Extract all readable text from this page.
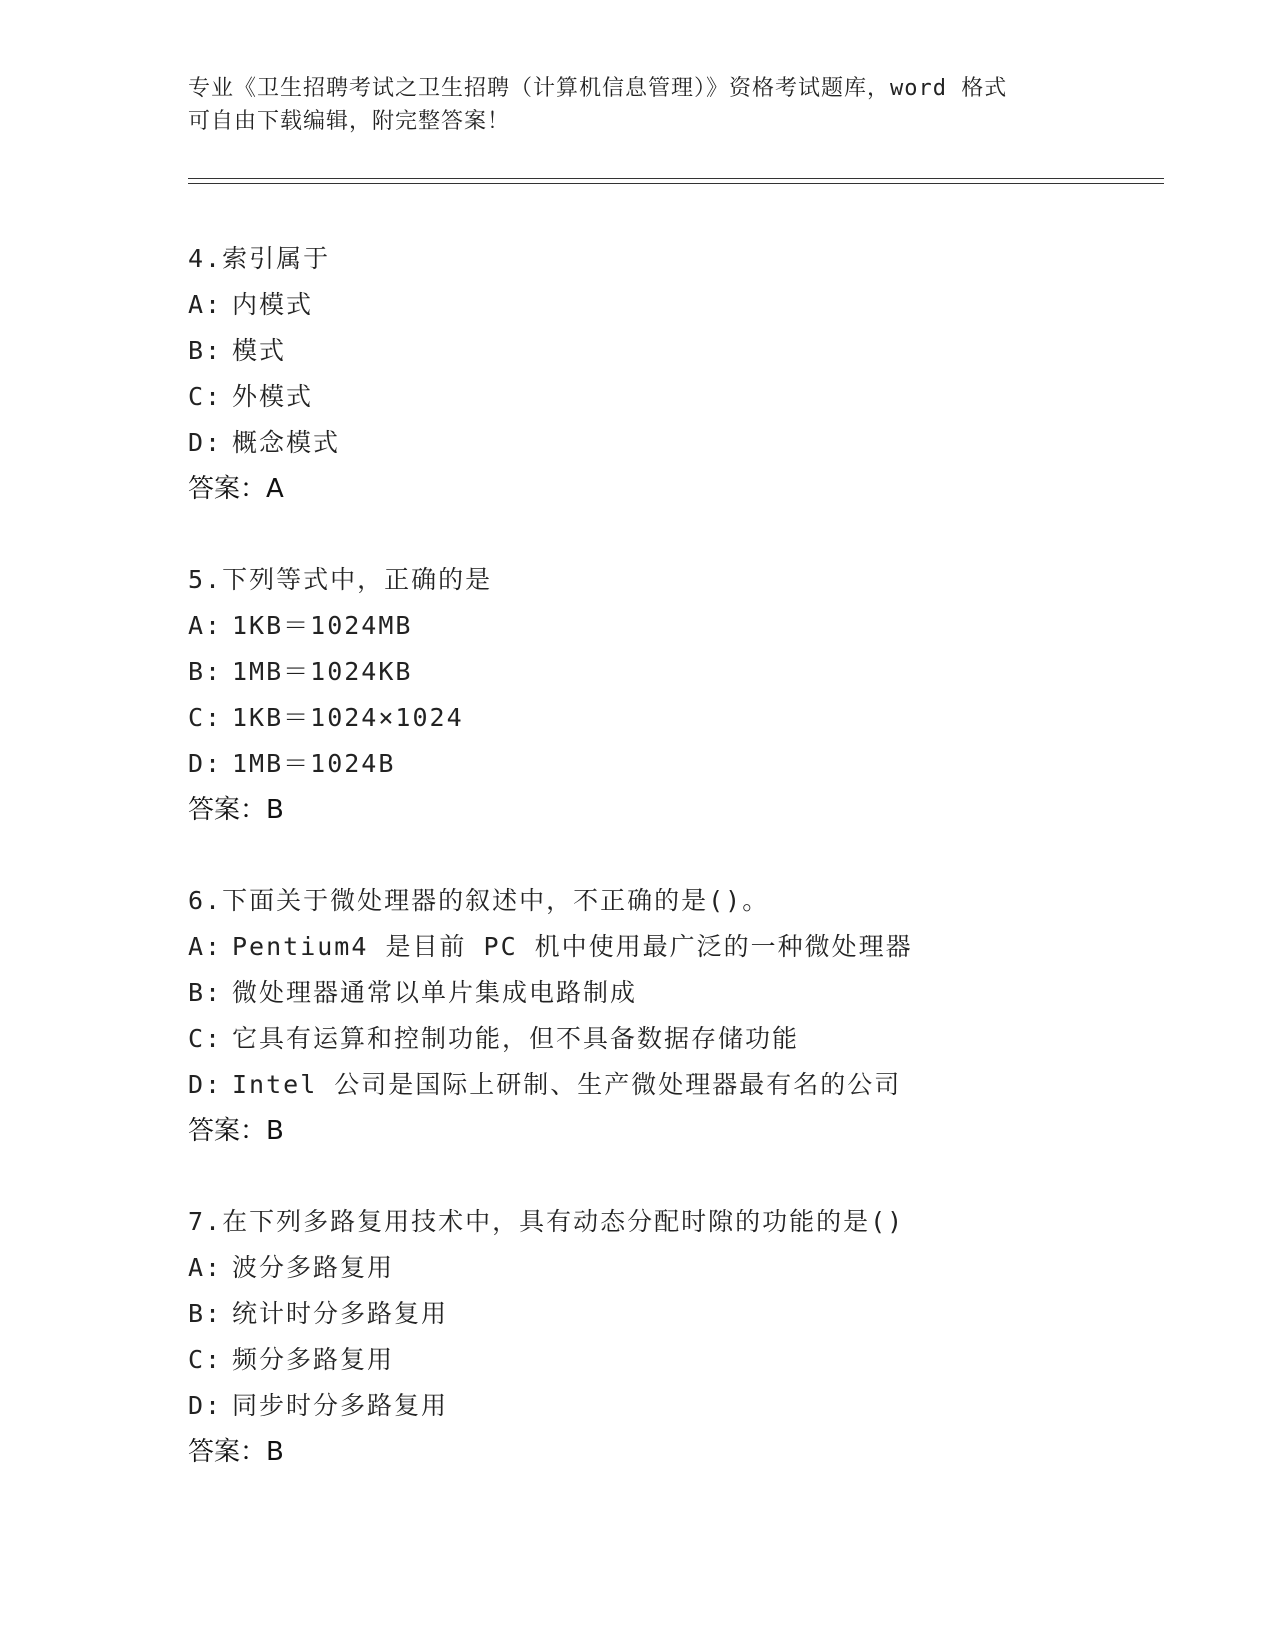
专业《卫生招聘考试之卫生招聘（计算机信息管理）》资格考试题库，word 格式
可自由下载编辑，附完整答案！
4.索引属于
A: 内模式
B: 模式
C: 外模式
D: 概念模式
答案：A
5.下列等式中，正确的是
A: 1KB＝1024MB
B: 1MB＝1024KB
C: 1KB＝1024×1024
D: 1MB＝1024B
答案：B
6.下面关于微处理器的叙述中，不正确的是()。
A: Pentium4 是目前 PC 机中使用最广泛的一种微处理器
B: 微处理器通常以单片集成电路制成
C: 它具有运算和控制功能，但不具备数据存储功能
D: Intel 公司是国际上研制、生产微处理器最有名的公司
答案：B
7.在下列多路复用技术中，具有动态分配时隙的功能的是()
A: 波分多路复用
B: 统计时分多路复用
C: 频分多路复用
D: 同步时分多路复用
答案：B
